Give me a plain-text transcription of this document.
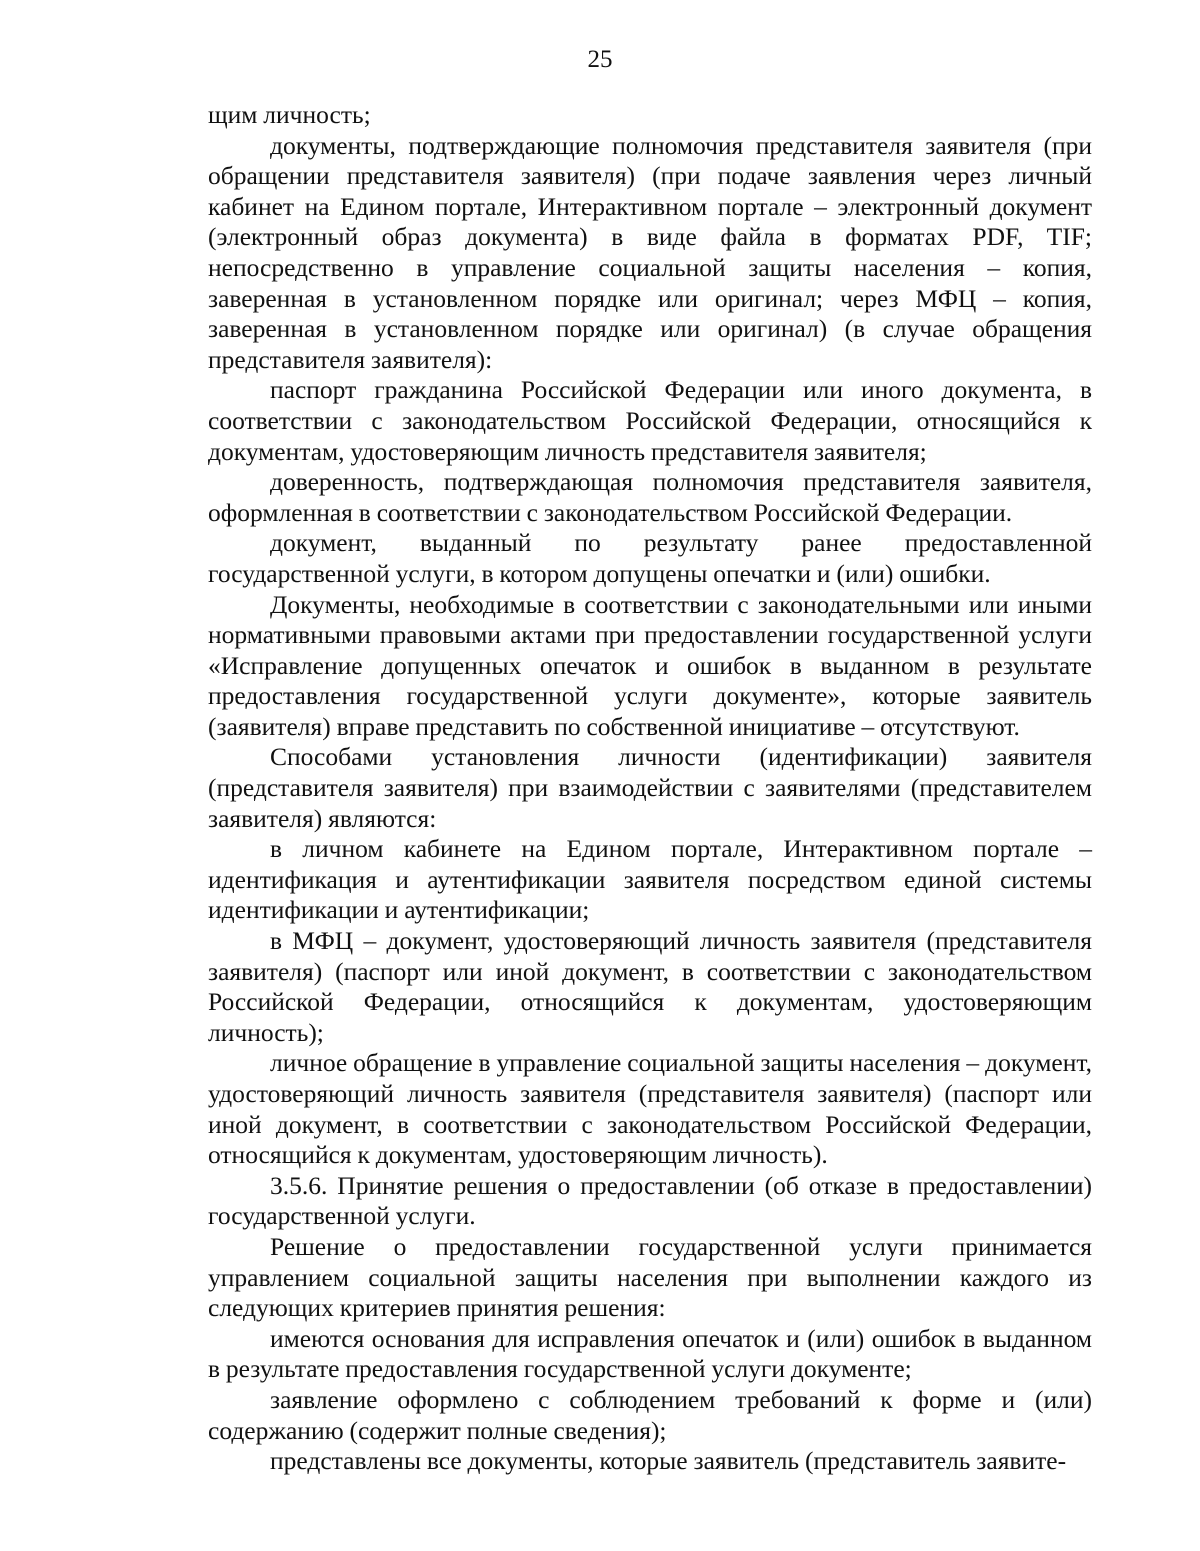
25

щим личность;

документы, подтверждающие полномочия представителя заявителя (при обращении представителя заявителя) (при подаче заявления через личный кабинет на Едином портале, Интерактивном портале – электронный документ (электронный образ документа) в виде файла в форматах PDF, TIF; непосредственно в управление социальной защиты населения – копия, заверенная в установленном порядке или оригинал; через МФЦ – копия, заверенная в установленном порядке или оригинал) (в случае обращения представителя заявителя):

паспорт гражданина Российской Федерации или иного документа, в соответствии с законодательством Российской Федерации, относящийся к документам, удостоверяющим личность представителя заявителя;

доверенность, подтверждающая полномочия представителя заявителя, оформленная в соответствии с законодательством Российской Федерации.

документ, выданный по результату ранее предоставленной государственной услуги, в котором допущены опечатки и (или) ошибки.

Документы, необходимые в соответствии с законодательными или иными нормативными правовыми актами при предоставлении государственной услуги «Исправление допущенных опечаток и ошибок в выданном в результате предоставления государственной услуги документе», которые заявитель (заявителя) вправе представить по собственной инициативе – отсутствуют.

Способами установления личности (идентификации) заявителя (представителя заявителя) при взаимодействии с заявителями (представителем заявителя) являются:

в личном кабинете на Едином портале, Интерактивном портале – идентификация и аутентификации заявителя посредством единой системы идентификации и аутентификации;

в МФЦ – документ, удостоверяющий личность заявителя (представителя заявителя) (паспорт или иной документ, в соответствии с законодательством Российской Федерации, относящийся к документам, удостоверяющим личность);

личное обращение в управление социальной защиты населения – документ, удостоверяющий личность заявителя (представителя заявителя) (паспорт или иной документ, в соответствии с законодательством Российской Федерации, относящийся к документам, удостоверяющим личность).

3.5.6. Принятие решения о предоставлении (об отказе в предоставлении) государственной услуги.

Решение о предоставлении государственной услуги принимается управлением социальной защиты населения при выполнении каждого из следующих критериев принятия решения:

имеются основания для исправления опечаток и (или) ошибок в выданном в результате предоставления государственной услуги документе;

заявление оформлено с соблюдением требований к форме и (или) содержанию (содержит полные сведения);

представлены все документы, которые заявитель (представитель заявите-
